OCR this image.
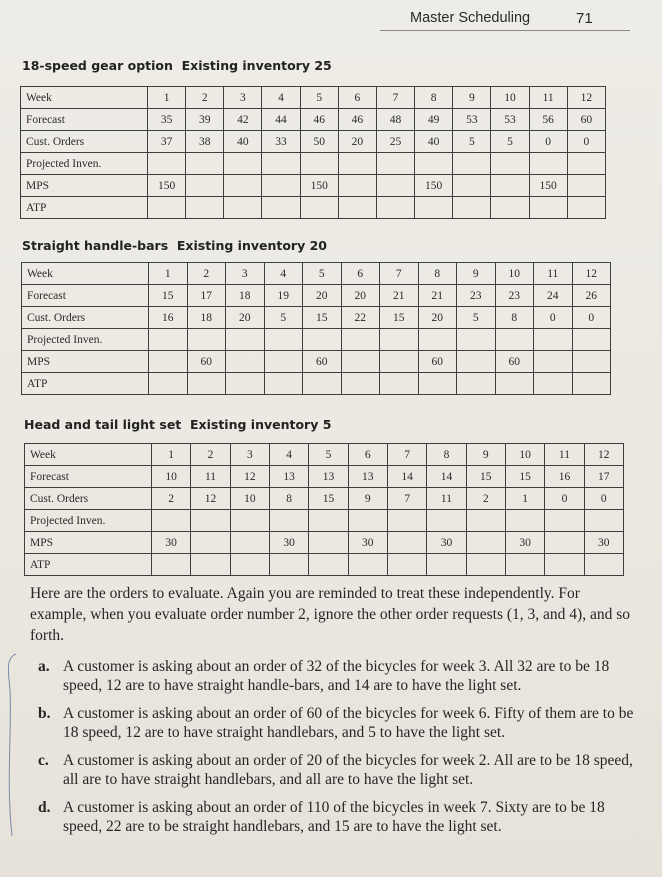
Master Scheduling	71
18-speed gear option Existing inventory 25
Week	1	2	3	4	5	6	7	8	9	10	11	12
Forecast	35	39	42	44	46	46	48	49	53	53	56	60
Cust. Orders	37	38	40	33	50	20	25	40	5	5	0	0
Projected Inven.												
MPS	150				150			150			150	
ATP												
Straight handle-bars Existing inventory 20
Week	1	2	3	4	5	6	7	8	9	10	11	12
Forecast	15	17	18	19	20	20	21	21	23	23	24	26
Cust. Orders	16	18	20	5	15	22	15	20	5	8	0	0
Projected Inven.												
MPS		60			60			60		60		
ATP												
Head and tail light set Existing inventory 5
Week	1	2	3	4	5	6	7	8	9	10	11	12
Forecast	10	11	12	13	13	13	14	14	15	15	16	17
Cust. Orders	2	12	10	8	15	9	7	11	2	1	0	0
Projected Inven.												
MPS	30			30		30		30		30		30
ATP												
Here are the orders to evaluate. Again you are reminded to treat these independently. For example, when you evaluate order number 2, ignore the other order requests (1, 3, and 4), and so forth.
a. A customer is asking about an order of 32 of the bicycles for week 3. All 32 are to be 18 speed, 12 are to have straight handle-bars, and 14 are to have the light set.
b. A customer is asking about an order of 60 of the bicycles for week 6. Fifty of them are to be 18 speed, 12 are to have straight handlebars, and 5 to have the light set.
c. A customer is asking about an order of 20 of the bicycles for week 2. All are to be 18 speed, all are to have straight handlebars, and all are to have the light set.
d. A customer is asking about an order of 110 of the bicycles in week 7. Sixty are to be 18 speed, 22 are to be straight handlebars, and 15 are to have the light set.
